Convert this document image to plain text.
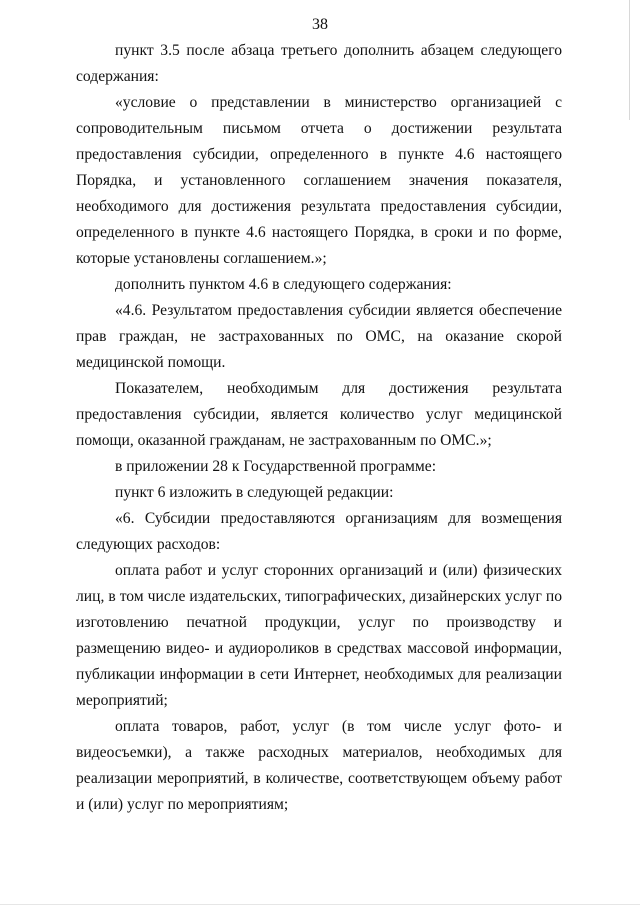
38

пункт 3.5 после абзаца третьего дополнить абзацем следующего содержания:

«условие о представлении в министерство организацией с сопроводительным письмом отчета о достижении результата предоставления субсидии, определенного в пункте 4.6 настоящего Порядка, и установленного соглашением значения показателя, необходимого для достижения результата предоставления субсидии, определенного в пункте 4.6 настоящего Порядка, в сроки и по форме, которые установлены соглашением.»;

дополнить пунктом 4.6 в следующего содержания:

«4.6. Результатом предоставления субсидии является обеспечение прав граждан, не застрахованных по ОМС, на оказание скорой медицинской помощи.

Показателем, необходимым для достижения результата предоставления субсидии, является количество услуг медицинской помощи, оказанной гражданам, не застрахованным по ОМС.»;

в приложении 28 к Государственной программе:

пункт 6 изложить в следующей редакции:

«6. Субсидии предоставляются организациям для возмещения следующих расходов:

оплата работ и услуг сторонних организаций и (или) физических лиц, в том числе издательских, типографических, дизайнерских услуг по изготовлению печатной продукции, услуг по производству и размещению видео- и аудиороликов в средствах массовой информации, публикации информации в сети Интернет, необходимых для реализации мероприятий;

оплата товаров, работ, услуг (в том числе услуг фото- и видеосъемки), а также расходных материалов, необходимых для реализации мероприятий, в количестве, соответствующем объему работ и (или) услуг по мероприятиям;
